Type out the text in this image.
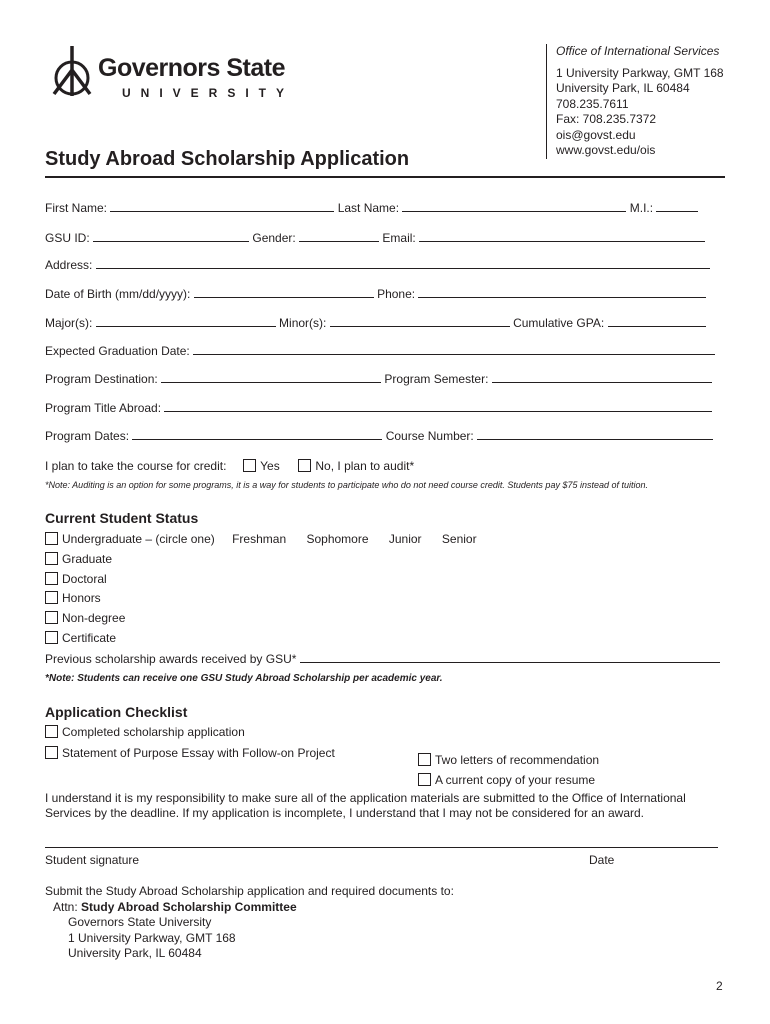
Governors State
UNIVERSITY
Office of International Services
1 University Parkway, GMT 168
University Park, IL 60484
708.235.7611
Fax: 708.235.7372
ois@govst.edu
www.govst.edu/ois
Study Abroad Scholarship Application
First Name:	Last Name:	M.I.:
GSU ID:	Gender:	Email:
Address:
Date of Birth (mm/dd/yyyy):	Phone:
Major(s):	Minor(s):	Cumulative GPA:
Expected Graduation Date:
Program Destination:	Program Semester:
Program Title Abroad:
Program Dates:	Course Number:
I plan to take the course for credit:	Yes	No, I plan to audit*
*Note: Auditing is an option for some programs, it is a way for students to participate who do not need course credit. Students pay $75 instead of tuition.
Current Student Status
Undergraduate – (circle one) Freshman Sophomore Junior Senior
Graduate
Doctoral
Honors
Non-degree
Certificate
Previous scholarship awards received by GSU*
*Note: Students can receive one GSU Study Abroad Scholarship per academic year.
Application Checklist
Completed scholarship application
Statement of Purpose Essay with Follow-on Project	Two letters of recommendation
A current copy of your resume
I understand it is my responsibility to make sure all of the application materials are submitted to the Office of International Services by the deadline. If my application is incomplete, I understand that I may not be considered for an award.
Student signature	Date
Submit the Study Abroad Scholarship application and required documents to:
Attn: Study Abroad Scholarship Committee
Governors State University
1 University Parkway, GMT 168
University Park, IL 60484
2
